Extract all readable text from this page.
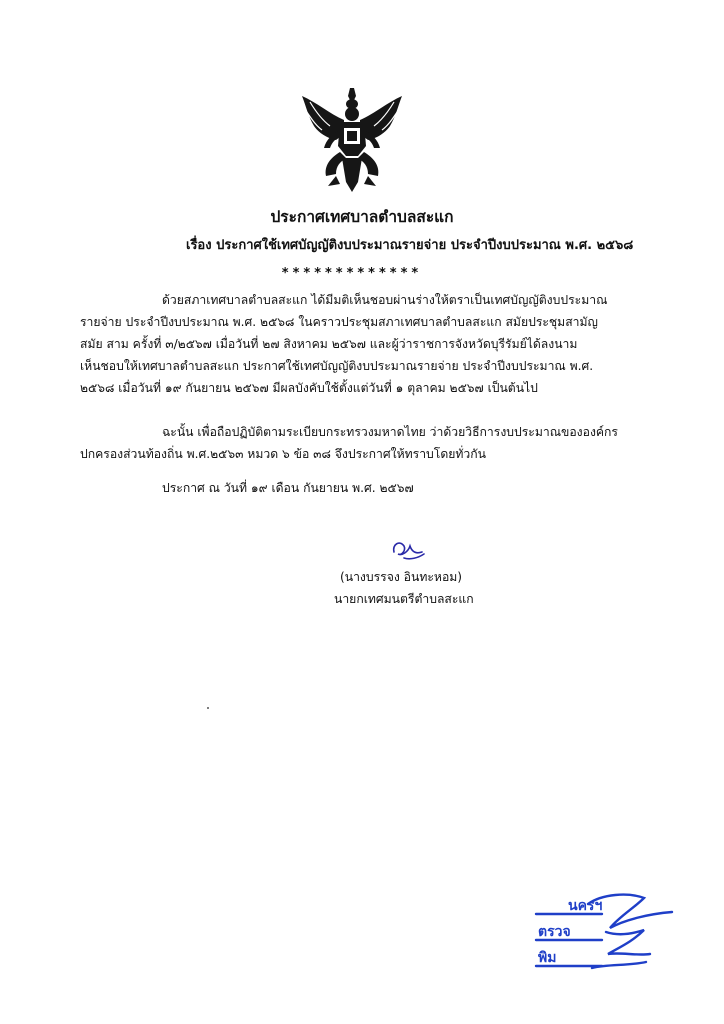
ประกาศเทศบาลตำบลสะแก
เรื่อง ประกาศใช้เทศบัญญัติงบประมาณรายจ่าย ประจำปีงบประมาณ พ.ศ. ๒๕๖๘
*************
ด้วยสภาเทศบาลตำบลสะแก ได้มีมติเห็นชอบผ่านร่างให้ตราเป็นเทศบัญญัติงบประมาณ
รายจ่าย ประจำปีงบประมาณ พ.ศ. ๒๕๖๘ ในคราวประชุมสภาเทศบาลตำบลสะแก สมัยประชุมสามัญ
สมัย สาม ครั้งที่ ๓/๒๕๖๗ เมื่อวันที่ ๒๗ สิงหาคม ๒๕๖๗ และผู้ว่าราชการจังหวัดบุรีรัมย์ได้ลงนาม
เห็นชอบให้เทศบาลตำบลสะแก ประกาศใช้เทศบัญญัติงบประมาณรายจ่าย ประจำปีงบประมาณ พ.ศ.
๒๕๖๘ เมื่อวันที่ ๑๙ กันยายน ๒๕๖๗ มีผลบังคับใช้ตั้งแต่วันที่ ๑ ตุลาคม ๒๕๖๗ เป็นต้นไป
ฉะนั้น เพื่อถือปฏิบัติตามระเบียบกระทรวงมหาดไทย ว่าด้วยวิธีการงบประมาณขององค์กร
ปกครองส่วนท้องถิ่น พ.ศ.๒๕๖๓ หมวด ๖ ข้อ ๓๘ จึงประกาศให้ทราบโดยทั่วกัน
ประกาศ ณ วันที่ ๑๙ เดือน กันยายน พ.ศ. ๒๕๖๗
(นางบรรจง อินทะหอม)
นายกเทศมนตรีตำบลสะแก
นครฯ
ตรวจ
พิม
